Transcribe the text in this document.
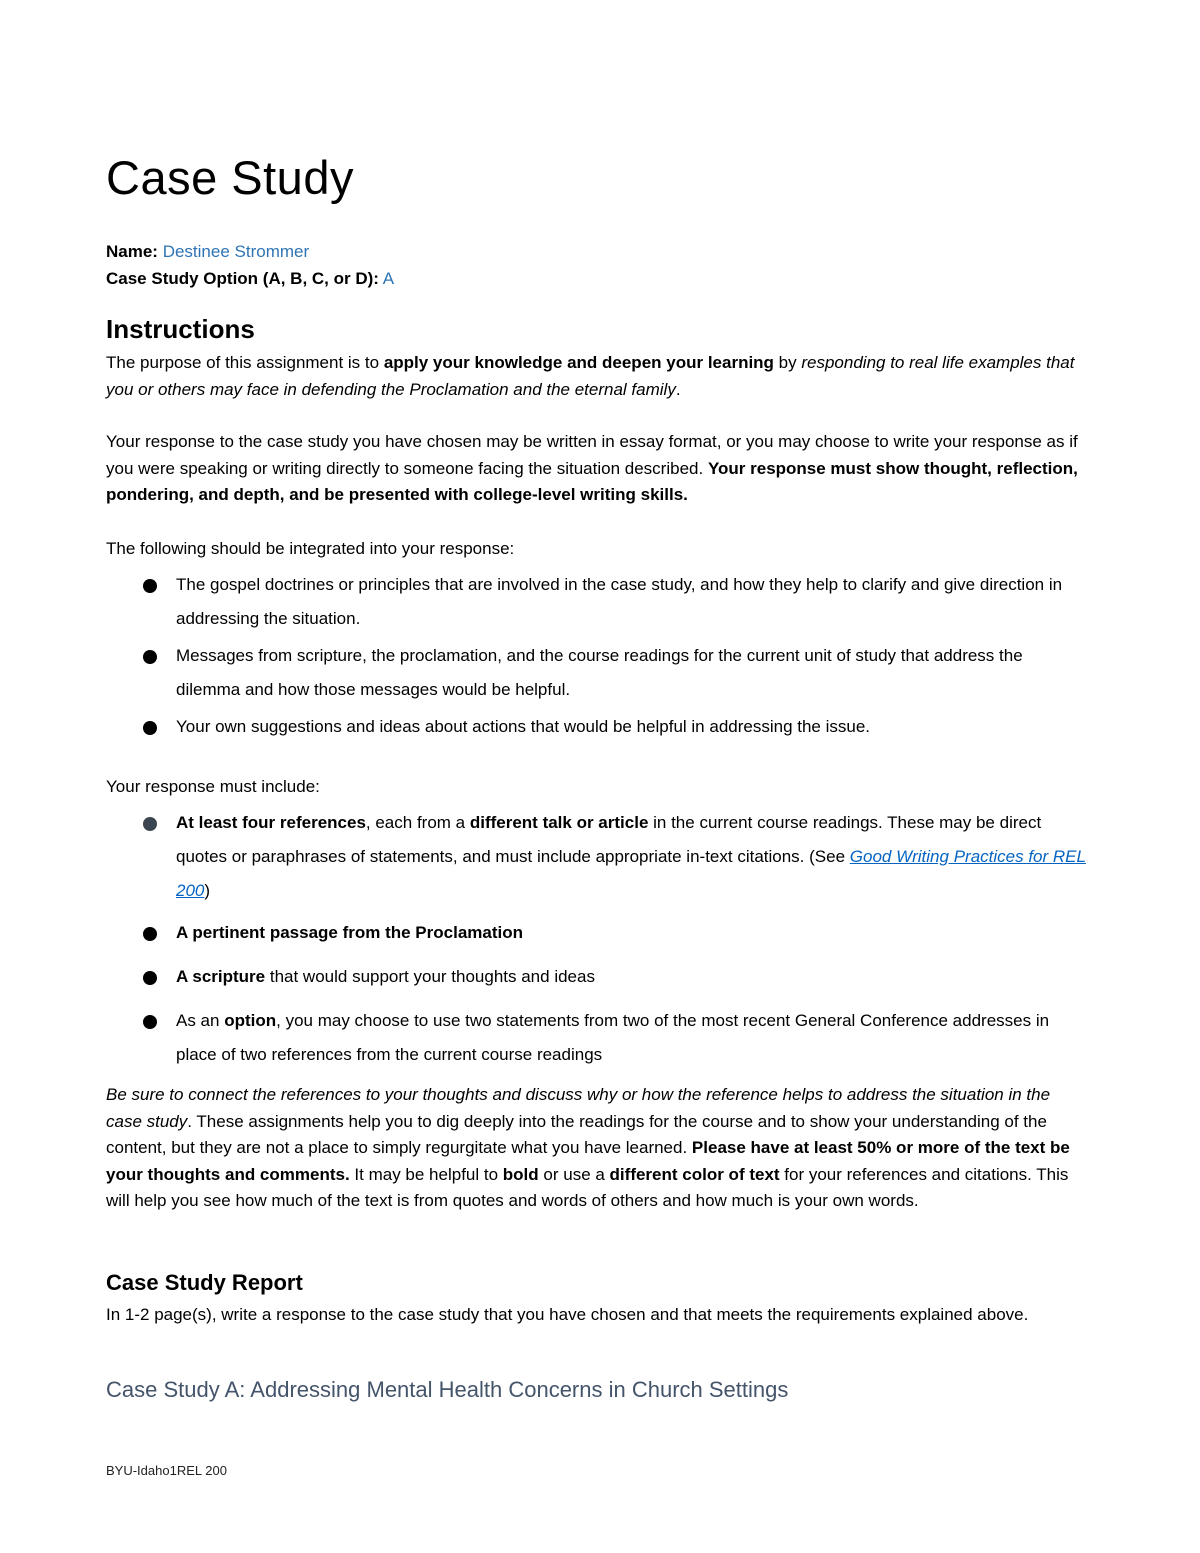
Case Study
Name: Destinee Strommer
Case Study Option (A, B, C, or D): A
Instructions

The purpose of this assignment is to apply your knowledge and deepen your learning by responding to real life examples that you or others may face in defending the Proclamation and the eternal family.

Your response to the case study you have chosen may be written in essay format, or you may choose to write your response as if you were speaking or writing directly to someone facing the situation described. Your response must show thought, reflection, pondering, and depth, and be presented with college-level writing skills.

The following should be integrated into your response:

The gospel doctrines or principles that are involved in the case study, and how they help to clarify and give direction in addressing the situation.
Messages from scripture, the proclamation, and the course readings for the current unit of study that address the dilemma and how those messages would be helpful.
Your own suggestions and ideas about actions that would be helpful in addressing the issue.

Your response must include:

At least four references, each from a different talk or article in the current course readings. These may be direct quotes or paraphrases of statements, and must include appropriate in-text citations. (See Good Writing Practices for REL 200)
A pertinent passage from the Proclamation
A scripture that would support your thoughts and ideas
As an option, you may choose to use two statements from two of the most recent General Conference addresses in place of two references from the current course readings

Be sure to connect the references to your thoughts and discuss why or how the reference helps to address the situation in the case study. These assignments help you to dig deeply into the readings for the course and to show your understanding of the content, but they are not a place to simply regurgitate what you have learned. Please have at least 50% or more of the text be your thoughts and comments. It may be helpful to bold or use a different color of text for your references and citations. This will help you see how much of the text is from quotes and words of others and how much is your own words.

Case Study Report

In 1-2 page(s), write a response to the case study that you have chosen and that meets the requirements explained above.

Case Study A: Addressing Mental Health Concerns in Church Settings
BYU-Idaho1REL 200
